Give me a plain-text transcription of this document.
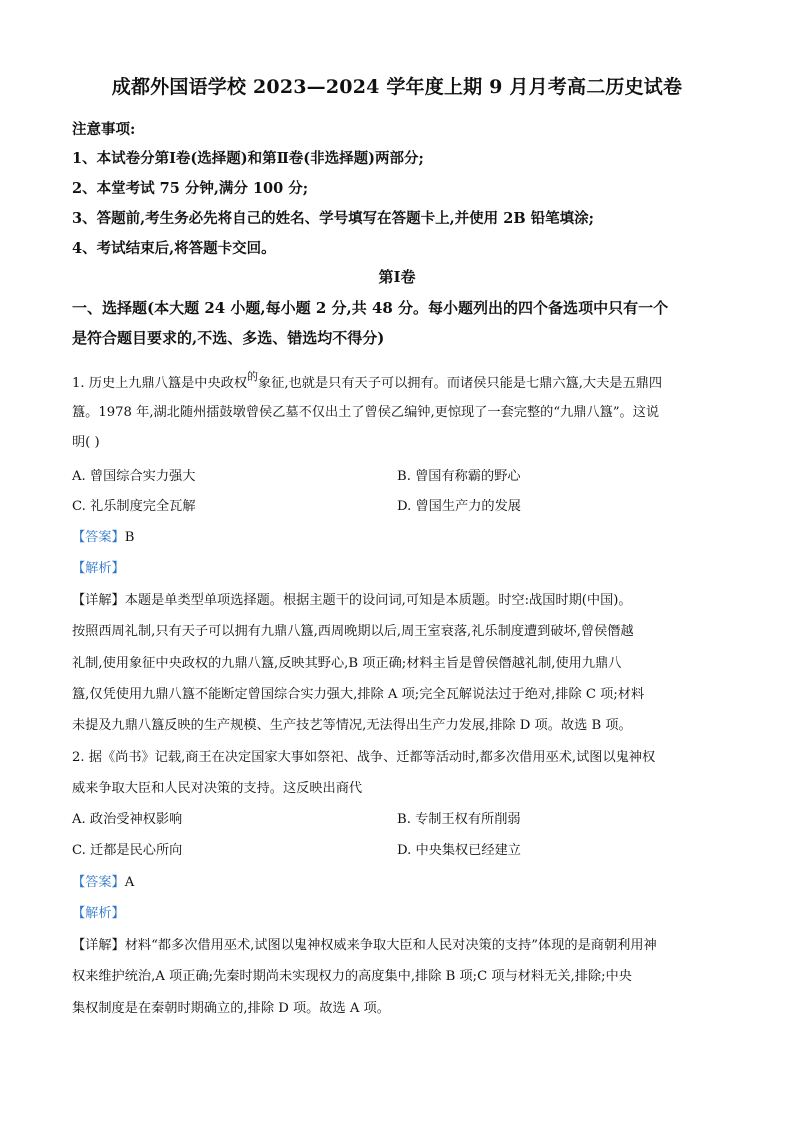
成都外国语学校 2023—2024 学年度上期 9 月月考高二历史试卷
注意事项:
1、本试卷分第Ⅰ卷(选择题)和第Ⅱ卷(非选择题)两部分;
2、本堂考试 75 分钟,满分 100 分;
3、答题前,考生务必先将自己的姓名、学号填写在答题卡上,并使用 2B 铅笔填涂;
4、考试结束后,将答题卡交回。
第Ⅰ卷
一、选择题(本大题 24 小题,每小题 2 分,共 48 分。每小题列出的四个备选项中只有一个
是符合题目要求的,不选、多选、错选均不得分)
1. 历史上九鼎八簋是中央政权$^的$象征,也就是只有天子可以拥有。而诸侯只能是七鼎六簋,大夫是五鼎四
簋。1978 年,湖北随州擂鼓墩曾侯乙墓不仅出土了曾侯乙编钟,更惊现了一套完整的“九鼎八簋”。这说
明( )
A. 曾国综合实力强大	B. 曾国有称霸的野心
C. 礼乐制度完全瓦解	D. 曾国生产力的发展
【答案】B
【解析】
【详解】本题是单类型单项选择题。根据主题干的设问词,可知是本质题。时空:战国时期(中国)。
按照西周礼制,只有天子可以拥有九鼎八簋,西周晚期以后,周王室衰落,礼乐制度遭到破坏,曾侯僭越
礼制,使用象征中央政权的九鼎八簋,反映其野心,B 项正确;材料主旨是曾侯僭越礼制,使用九鼎八
簋,仅凭使用九鼎八簋不能断定曾国综合实力强大,排除 A 项;完全瓦解说法过于绝对,排除 C 项;材料
未提及九鼎八簋反映的生产规模、生产技艺等情况,无法得出生产力发展,排除 D 项。故选 B 项。
2. 据《尚书》记载,商王在决定国家大事如祭祀、战争、迁都等活动时,都多次借用巫术,试图以鬼神权
威来争取大臣和人民对决策的支持。这反映出商代
A. 政治受神权影响	B. 专制王权有所削弱
C. 迁都是民心所向	D. 中央集权已经建立
【答案】A
【解析】
【详解】材料“都多次借用巫术,试图以鬼神权威来争取大臣和人民对决策的支持”体现的是商朝利用神
权来维护统治,A 项正确;先秦时期尚未实现权力的高度集中,排除 B 项;C 项与材料无关,排除;中央
集权制度是在秦朝时期确立的,排除 D 项。故选 A 项。
